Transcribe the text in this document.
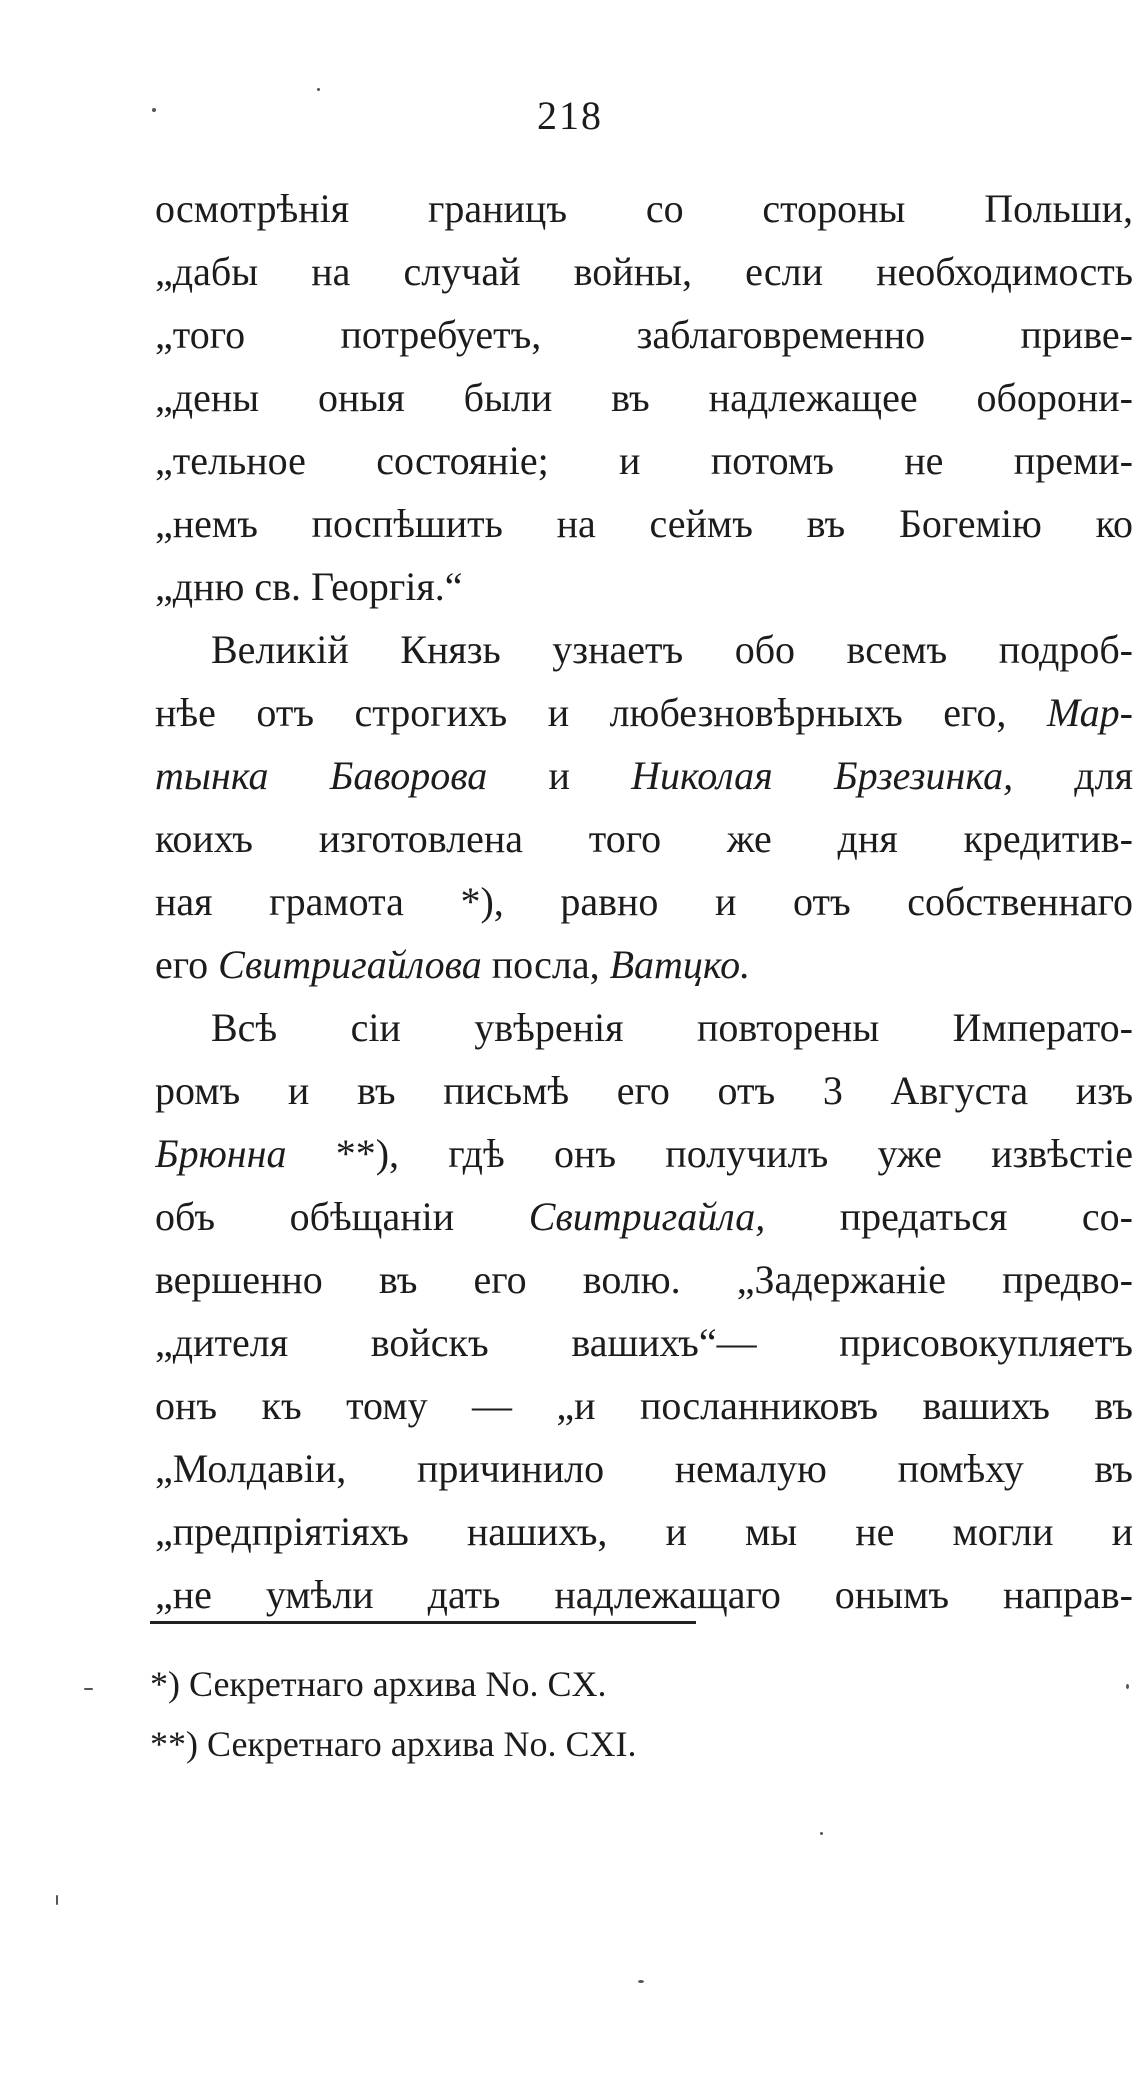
218
осмотрѣнія границъ со стороны Польши,
„дабы на случай войны, если необходимость
„того потребуетъ, заблаговременно приве-
„дены оныя были въ надлежащее оборони-
„тельное состояніе; и потомъ не преми-
„немъ поспѣшить на сеймъ въ Богемію ко
„дню св. Георгія.“
Великій Князь узнаетъ обо всемъ подроб-
нѣе отъ строгихъ и любезновѣрныхъ его, Мар-
тынка Баворова и Николая Брзезинка, для
коихъ изготовлена того же дня кредитив-
ная грамота *), равно и отъ собственнаго
его Свитригайлова посла, Ватцко.
Всѣ сіи увѣренія повторены Императо-
ромъ и въ письмѣ его отъ 3 Августа изъ
Брюнна **), гдѣ онъ получилъ уже извѣстіе
объ обѣщаніи Свитригайла, предаться со-
вершенно въ его волю. „Задержаніе предво-
„дителя войскъ вашихъ“— присовокупляетъ
онъ къ тому — „и посланниковъ вашихъ въ
„Молдавіи, причинило немалую помѣху въ
„предпріятіяхъ нашихъ, и мы не могли и
„не умѣли дать надлежащаго онымъ направ-
*) Секретнаго архива No. CX.
**) Секретнаго архива No. CXI.
